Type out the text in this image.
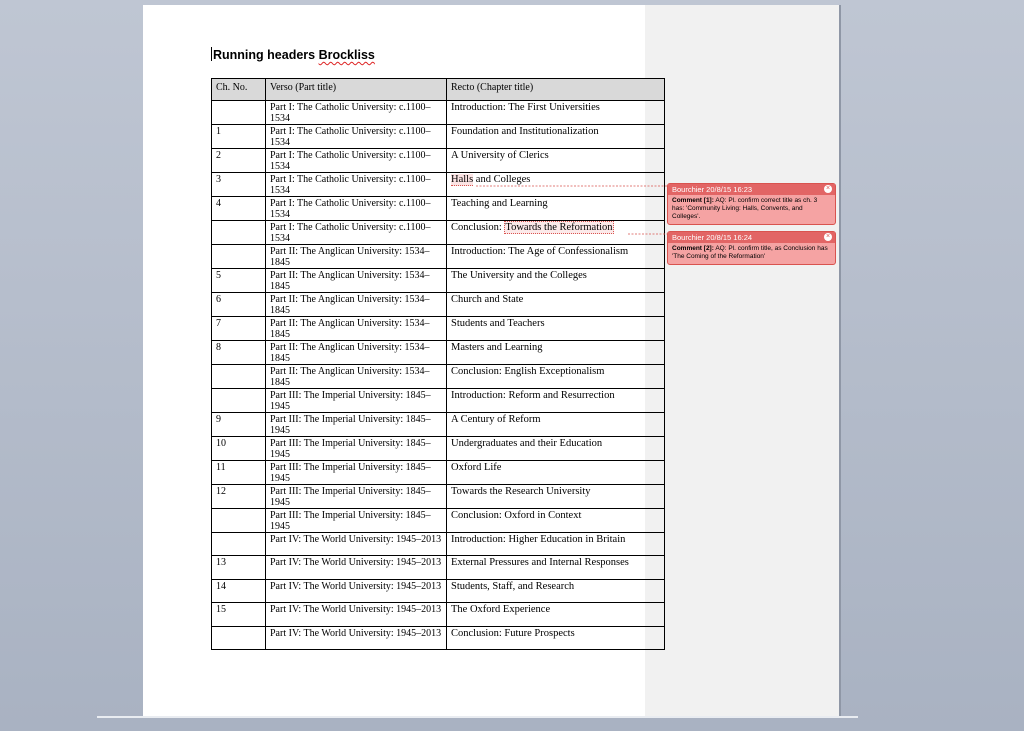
Running headers Brockliss
Ch. No.	Verso (Part title)	Recto (Chapter title)
	Part I: The Catholic University: c.1100–1534	Introduction: The First Universities
1	Part I: The Catholic University: c.1100–1534	Foundation and Institutionalization
2	Part I: The Catholic University: c.1100–1534	A University of Clerics
3	Part I: The Catholic University: c.1100–1534	Halls and Colleges
4	Part I: The Catholic University: c.1100–1534	Teaching and Learning
	Part I: The Catholic University: c.1100–1534	Conclusion: Towards the Reformation
	Part II: The Anglican University: 1534–1845	Introduction: The Age of Confessionalism
5	Part II: The Anglican University: 1534–1845	The University and the Colleges
6	Part II: The Anglican University: 1534–1845	Church and State
7	Part II: The Anglican University: 1534–1845	Students and Teachers
8	Part II: The Anglican University: 1534–1845	Masters and Learning
	Part II: The Anglican University: 1534–1845	Conclusion: English Exceptionalism
	Part III: The Imperial University: 1845–1945	Introduction: Reform and Resurrection
9	Part III: The Imperial University: 1845–1945	A Century of Reform
10	Part III: The Imperial University: 1845–1945	Undergraduates and their Education
11	Part III: The Imperial University: 1845–1945	Oxford Life
12	Part III: The Imperial University: 1845–1945	Towards the Research University
	Part III: The Imperial University: 1845–1945	Conclusion: Oxford in Context
	Part IV: The World University: 1945–2013	Introduction: Higher Education in Britain
13	Part IV: The World University: 1945–2013	External Pressures and Internal Responses
14	Part IV: The World University: 1945–2013	Students, Staff, and Research
15	Part IV: The World University: 1945–2013	The Oxford Experience
	Part IV: The World University: 1945–2013	Conclusion: Future Prospects
Bourchier 20/8/15 16:23	×
Comment [1]: AQ: Pl. confirm correct title as ch. 3 has: 'Community Living: Halls, Convents, and Colleges'.
Bourchier 20/8/15 16:24	×
Comment [2]: AQ: Pl. confirm title, as Conclusion has 'The Coming of the Reformation'
